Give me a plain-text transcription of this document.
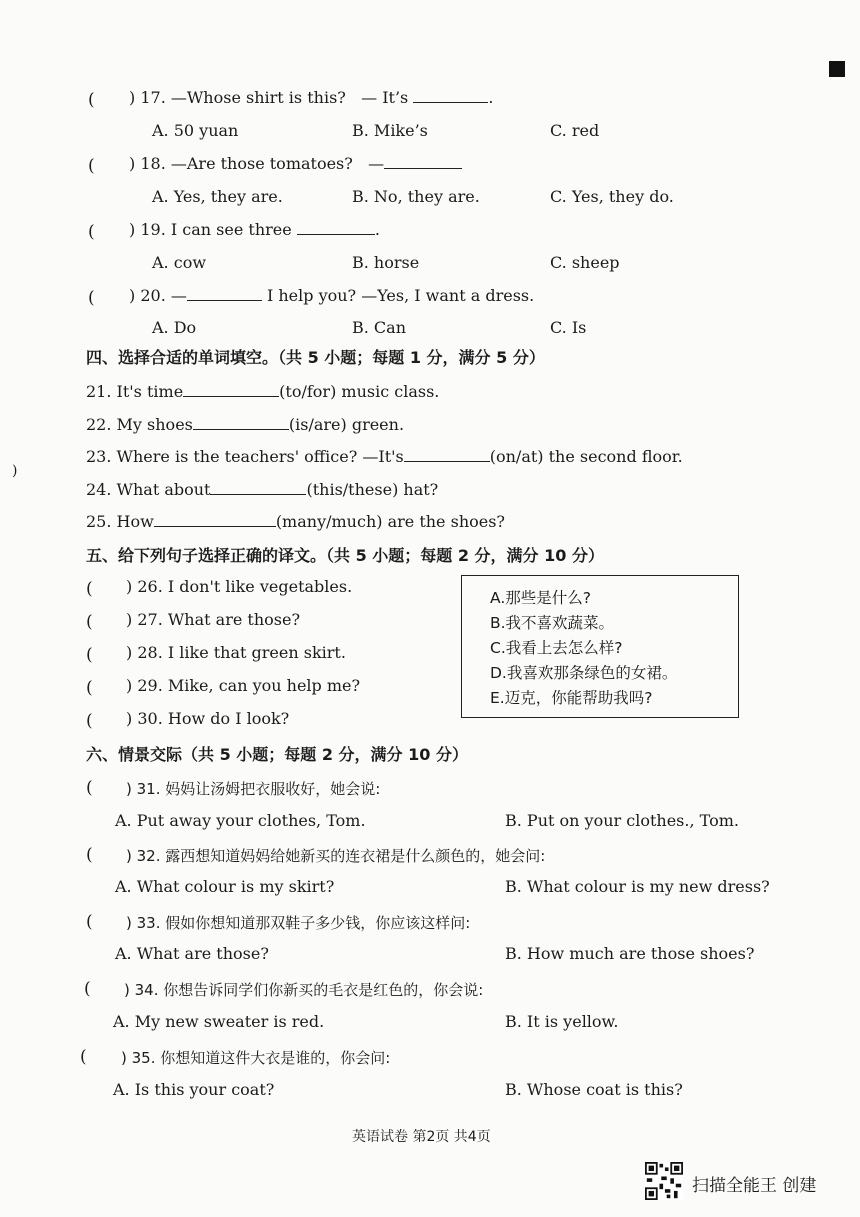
)
( ) 17. —Whose shirt is this? — It’s	.
A. 50 yuan	B. Mike’s	C. red
( ) 18. —Are those tomatoes? —
A. Yes, they are.	B. No, they are.	C. Yes, they do.
( ) 19. I can see three	.
A. cow	B. horse	C. sheep
( ) 20. —	I help you? —Yes, I want a dress.
A. Do	B. Can	C. Is
四、选择合适的单词填空。（共 5 小题；每题 1 分，满分 5 分）
21. It's time	(to/for) music class.
22. My shoes	(is/are) green.
23. Where is the teachers' office? —It's	(on/at) the second floor.
24. What about	(this/these) hat?
25. How	(many/much) are the shoes?
五、给下列句子选择正确的译文。（共 5 小题；每题 2 分，满分 10 分）
( ) 26. I don't like vegetables.
( ) 27. What are those?
( ) 28. I like that green skirt.
( ) 29. Mike, can you help me?
( ) 30. How do I look?
A.那些是什么?
B.我不喜欢蔬菜。
C.我看上去怎么样?
D.我喜欢那条绿色的女裙。
E.迈克，你能帮助我吗?
六、情景交际（共 5 小题；每题 2 分，满分 10 分）
( ) 31. 妈妈让汤姆把衣服收好，她会说:
A. Put away your clothes, Tom.	B. Put on your clothes., Tom.
( ) 32. 露西想知道妈妈给她新买的连衣裙是什么颜色的，她会问:
A. What colour is my skirt?	B. What colour is my new dress?
( ) 33. 假如你想知道那双鞋子多少钱，你应该这样问:
A. What are those?	B. How much are those shoes?
( ) 34. 你想告诉同学们你新买的毛衣是红色的，你会说:
A. My new sweater is red.	B. It is yellow.
( ) 35. 你想知道这件大衣是谁的，你会问:
A. Is this your coat?	B. Whose coat is this?
英语试卷 第2页 共4页
扫描全能王 创建
